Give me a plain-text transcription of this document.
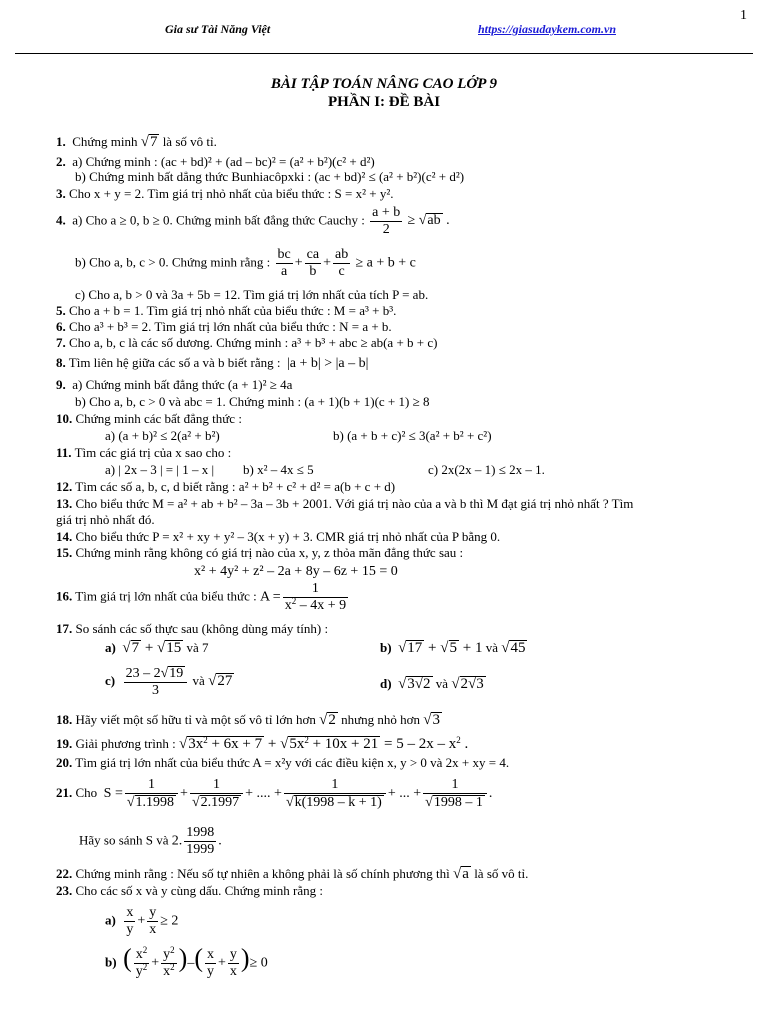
Gia sư Tài Năng Việt	https://giasudaykem.com.vn
1
BÀI TẬP TOÁN NÂNG CAO LỚP 9
PHẦN I: ĐỀ BÀI
1. Chứng minh √7 là số vô tỉ.
2. a) Chứng minh : (ac + bd)² + (ad – bc)² = (a² + b²)(c² + d²)
b) Chứng minh bất dẳng thức Bunhiacôpxki : (ac + bd)² ≤ (a² + b²)(c² + d²)
3. Cho x + y = 2. Tìm giá trị nhỏ nhất của biểu thức : S = x² + y².
4. a) Cho a ≥ 0, b ≥ 0. Chứng minh bất đẳng thức Cauchy : $\frac{a + b}{2} \ge √ab$ .
b) Cho a, b, c > 0. Chứng minh rằng : $\frac{bc}{a} + \frac{ca}{b} + \frac{ab}{c} \ge a + b + c$
c) Cho a, b > 0 và 3a + 5b = 12. Tìm giá trị lớn nhất của tích P = ab.
5. Cho a + b = 1. Tìm giá trị nhỏ nhất của biểu thức : M = a³ + b³.
6. Cho a³ + b³ = 2. Tìm giá trị lớn nhất của biểu thức : N = a + b.
7. Cho a, b, c là các số dương. Chứng minh : a³ + b³ + abc ≥ ab(a + b + c)
8. Tìm liên hệ giữa các số a và b biết rằng : |a + b| > |a – b|
9. a) Chứng minh bất đẳng thức (a + 1)² ≥ 4a
b) Cho a, b, c > 0 và abc = 1. Chứng minh : (a + 1)(b + 1)(c + 1) ≥ 8
10. Chứng minh các bất đẳng thức :
a) (a + b)² ≤ 2(a² + b²)	b) (a + b + c)² ≤ 3(a² + b² + c²)
11. Tìm các giá trị của x sao cho :
a) | 2x – 3 | = | 1 – x | b) x² – 4x ≤ 5	c) 2x(2x – 1) ≤ 2x – 1.
12. Tìm các số a, b, c, d biết rằng : a² + b² + c² + d² = a(b + c + d)
13. Cho biểu thức M = a² + ab + b² – 3a – 3b + 2001. Với giá trị nào của a và b thì M đạt giá trị nhỏ nhất ? Tìm
giá trị nhỏ nhất đó.
14. Cho biểu thức P = x² + xy + y² – 3(x + y) + 3. CMR giá trị nhỏ nhất của P bằng 0.
15. Chứng minh rằng không có giá trị nào của x, y, z thỏa mãn đẳng thức sau :
x² + 4y² + z² – 2a + 8y – 6z + 15 = 0
16. Tìm giá trị lớn nhất của biểu thức : $A = \frac{1}{x^2 - 4x + 9}$
17. So sánh các số thực sau (không dùng máy tính) :
a) √7 + √15 và 7	b) √17 + √5 + 1 và √45
$c) \frac{23 - 2√19}{3}$ và √27	d) √3√2 và √2√3
18. Hãy viết một số hữu tỉ và một số vô tỉ lớn hơn √2 nhưng nhỏ hơn √3
19. Giải phương trình : $√3x^2 + 6x + 7 + √5x^2 + 10x + 21 = 5 - 2x - x^2$ .
20. Tìm giá trị lớn nhất của biểu thức A = x²y với các điều kiện x, y > 0 và 2x + xy = 4.
21. Cho $S = \frac{1}{√1.1998} + \frac{1}{√2.1997}$ + .... + $\frac{1}{√k(1998 - k + 1)}$ + ... + $\frac{1}{√1998 - 1}$ .
Hãy so sánh S và 2. $\frac{1998}{1999}$ .
22. Chứng minh rằng : Nếu số tự nhiên a không phải là số chính phương thì √a là số vô tỉ.
23. Cho các số x và y cùng dấu. Chứng minh rằng :
$a) \frac{x}{y} + \frac{y}{x} \ge 2$
b) ( $\frac{x^2}{y^2} + \frac{y^2}{x^2}$ )–( $\frac{x}{y} + \frac{y}{x}$ )≥ 0
